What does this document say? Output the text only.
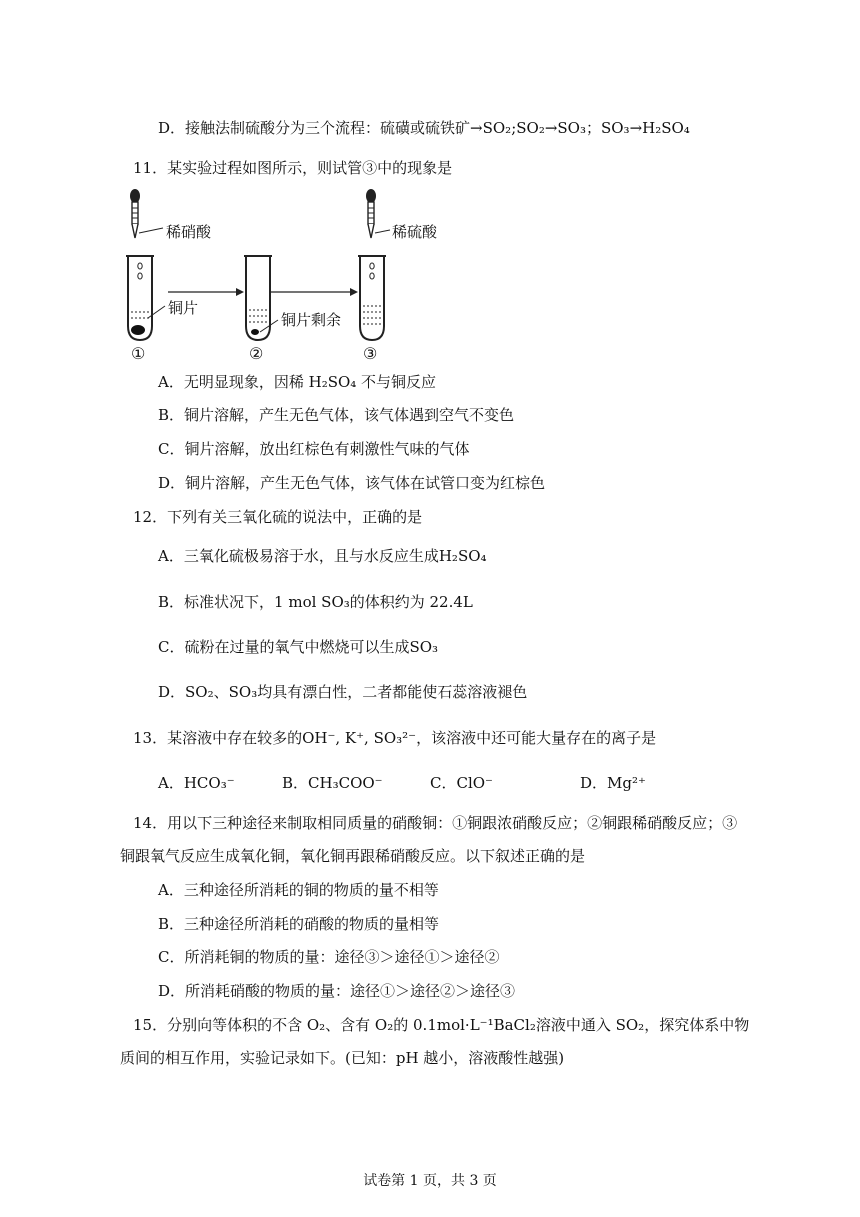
D．接触法制硫酸分为三个流程：硫磺或硫铁矿→SO₂;SO₂→SO₃；SO₃→H₂SO₄
11．某实验过程如图所示，则试管③中的现象是
稀硝酸	稀硫酸
铜片
铜片剩余
①	②	③
A．无明显现象，因稀 H₂SO₄ 不与铜反应
B．铜片溶解，产生无色气体，该气体遇到空气不变色
C．铜片溶解，放出红棕色有刺激性气味的气体
D．铜片溶解，产生无色气体，该气体在试管口变为红棕色
12．下列有关三氧化硫的说法中，正确的是
A．三氧化硫极易溶于水，且与水反应生成H₂SO₄
B．标准状况下，1 mol SO₃的体积约为 22.4L
C．硫粉在过量的氧气中燃烧可以生成SO₃
D．SO₂、SO₃均具有漂白性，二者都能使石蕊溶液褪色
13．某溶液中存在较多的OH⁻, K⁺, SO₃²⁻，该溶液中还可能大量存在的离子是
A．HCO₃⁻	B．CH₃COO⁻	C．ClO⁻	D．Mg²⁺
14．用以下三种途径来制取相同质量的硝酸铜：①铜跟浓硝酸反应；②铜跟稀硝酸反应；③
铜跟氧气反应生成氧化铜，氧化铜再跟稀硝酸反应。以下叙述正确的是
A．三种途径所消耗的铜的物质的量不相等
B．三种途径所消耗的硝酸的物质的量相等
C．所消耗铜的物质的量：途径③＞途径①＞途径②
D．所消耗硝酸的物质的量：途径①＞途径②＞途径③
15．分别向等体积的不含 O₂、含有 O₂的 0.1mol·L⁻¹BaCl₂溶液中通入 SO₂，探究体系中物
质间的相互作用，实验记录如下。(已知：pH 越小，溶液酸性越强)
试卷第 1 页，共 3 页
